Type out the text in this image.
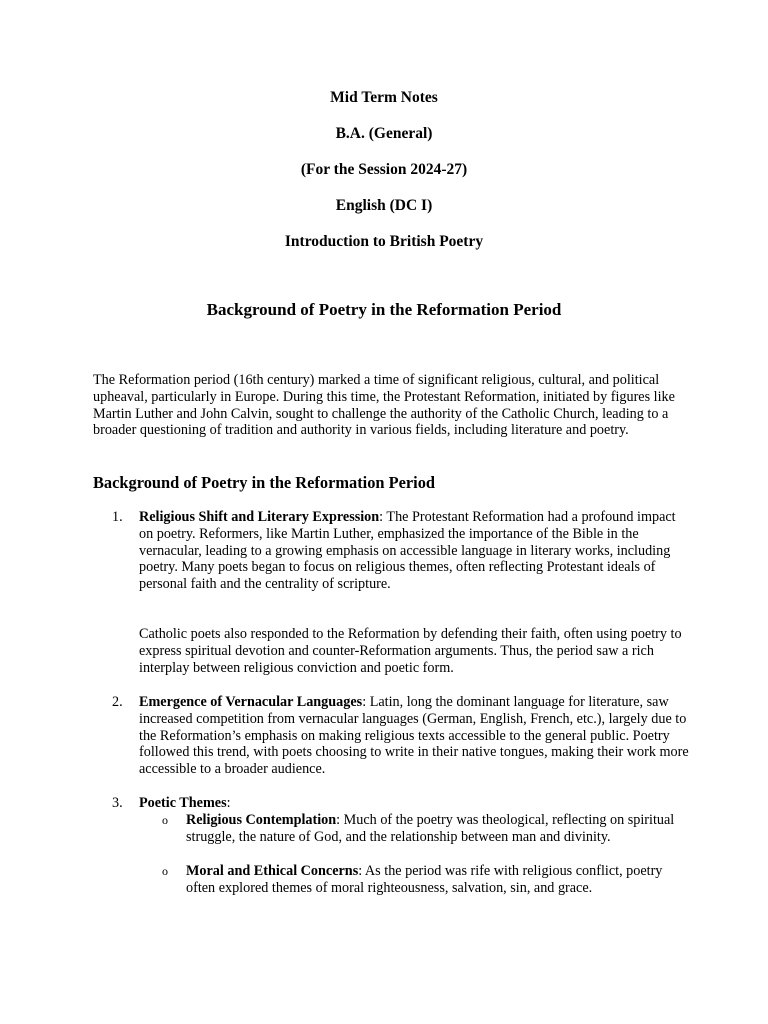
Mid Term Notes
B.A. (General)
(For the Session 2024-27)
English (DC I)
Introduction to British Poetry
Background of Poetry in the Reformation Period

The Reformation period (16th century) marked a time of significant religious, cultural, and political upheaval, particularly in Europe. During this time, the Protestant Reformation, initiated by figures like Martin Luther and John Calvin, sought to challenge the authority of the Catholic Church, leading to a broader questioning of tradition and authority in various fields, including literature and poetry.

Background of Poetry in the Reformation Period
1.	Religious Shift and Literary Expression: The Protestant Reformation had a profound impact on poetry. Reformers, like Martin Luther, emphasized the importance of the Bible in the vernacular, leading to a growing emphasis on accessible language in literary works, including poetry. Many poets began to focus on religious themes, often reflecting Protestant ideals of personal faith and the centrality of scripture.

Catholic poets also responded to the Reformation by defending their faith, often using poetry to express spiritual devotion and counter-Reformation arguments. Thus, the period saw a rich interplay between religious conviction and poetic form.

2.	Emergence of Vernacular Languages: Latin, long the dominant language for literature, saw increased competition from vernacular languages (German, English, French, etc.), largely due to the Reformation’s emphasis on making religious texts accessible to the general public. Poetry followed this trend, with poets choosing to write in their native tongues, making their work more accessible to a broader audience.

3.	Poetic Themes:

o Religious Contemplation: Much of the poetry was theological, reflecting on spiritual struggle, the nature of God, and the relationship between man and divinity.

o Moral and Ethical Concerns: As the period was rife with religious conflict, poetry often explored themes of moral righteousness, salvation, sin, and grace.
